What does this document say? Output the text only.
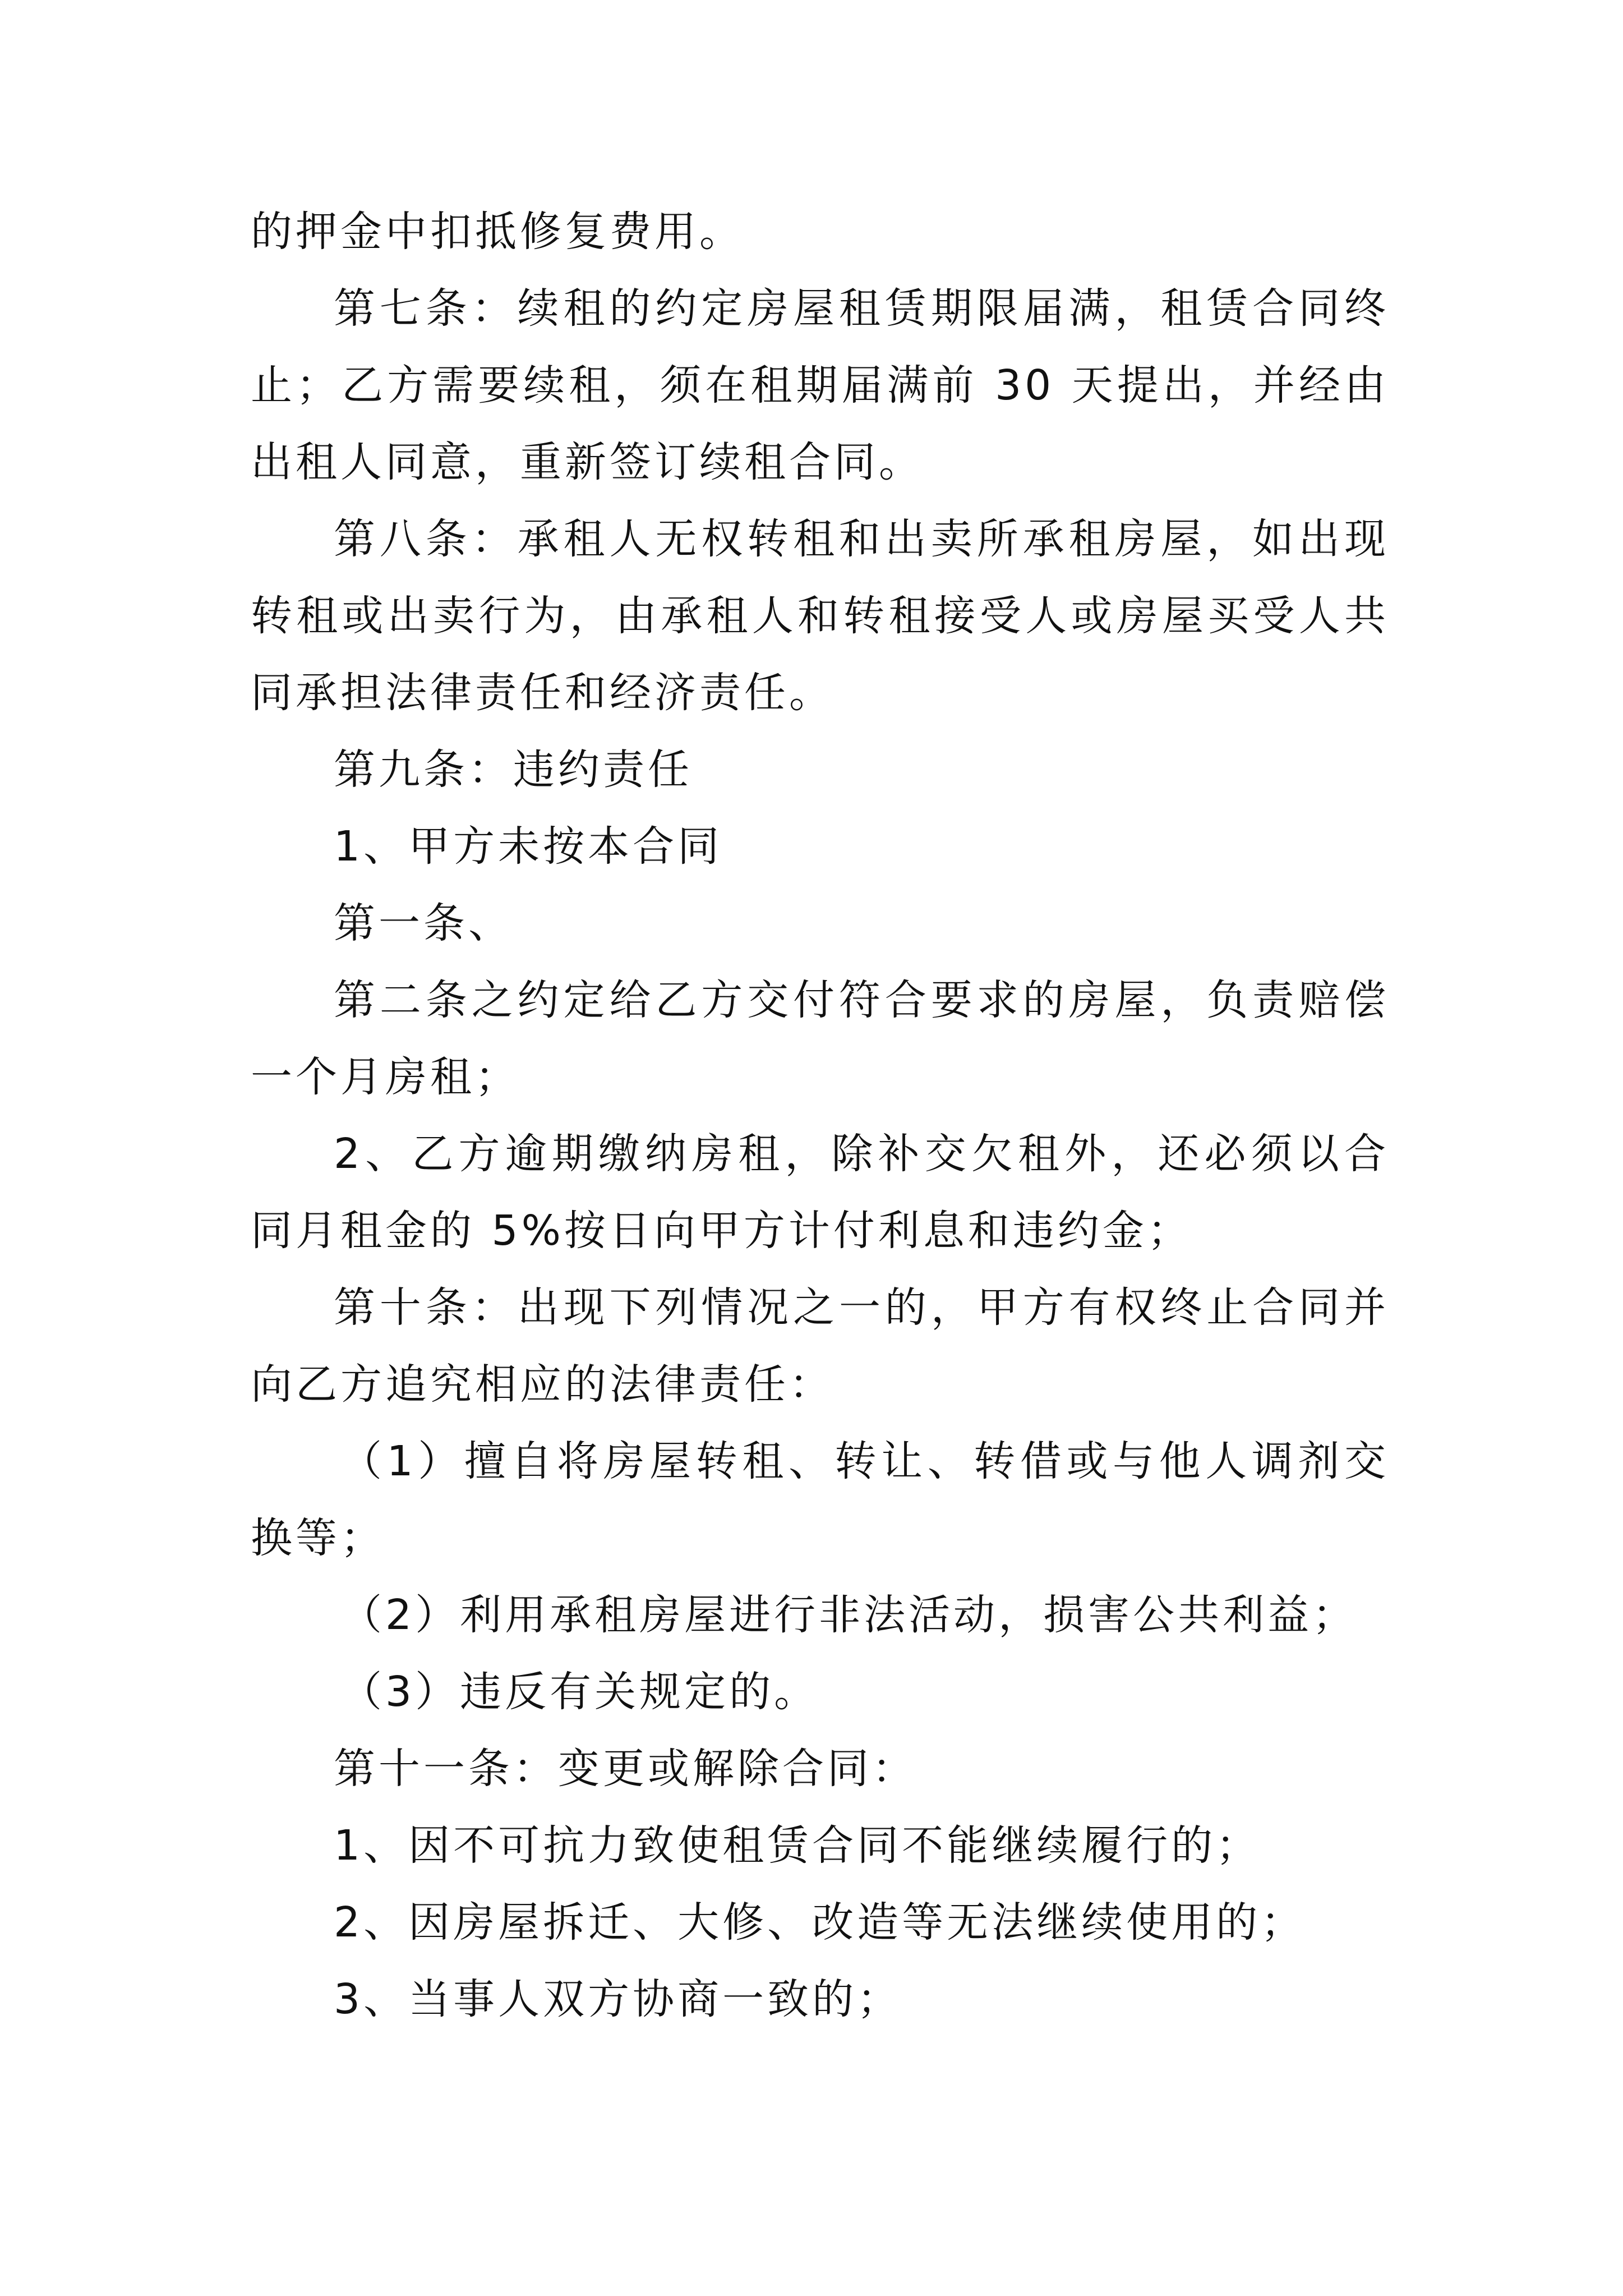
的押金中扣抵修复费用。

第七条：续租的约定房屋租赁期限届满，租赁合同终止；乙方需要续租，须在租期届满前 30 天提出，并经由出租人同意，重新签订续租合同。

第八条：承租人无权转租和出卖所承租房屋，如出现转租或出卖行为，由承租人和转租接受人或房屋买受人共同承担法律责任和经济责任。

第九条：违约责任

1、甲方未按本合同

第一条、

第二条之约定给乙方交付符合要求的房屋，负责赔偿一个月房租；

2、乙方逾期缴纳房租，除补交欠租外，还必须以合同月租金的 5%按日向甲方计付利息和违约金；

第十条：出现下列情况之一的，甲方有权终止合同并向乙方追究相应的法律责任：

（1）擅自将房屋转租、转让、转借或与他人调剂交换等；

（2）利用承租房屋进行非法活动，损害公共利益；

（3）违反有关规定的。

第十一条：变更或解除合同：

1、因不可抗力致使租赁合同不能继续履行的；

2、因房屋拆迁、大修、改造等无法继续使用的；

3、当事人双方协商一致的；
